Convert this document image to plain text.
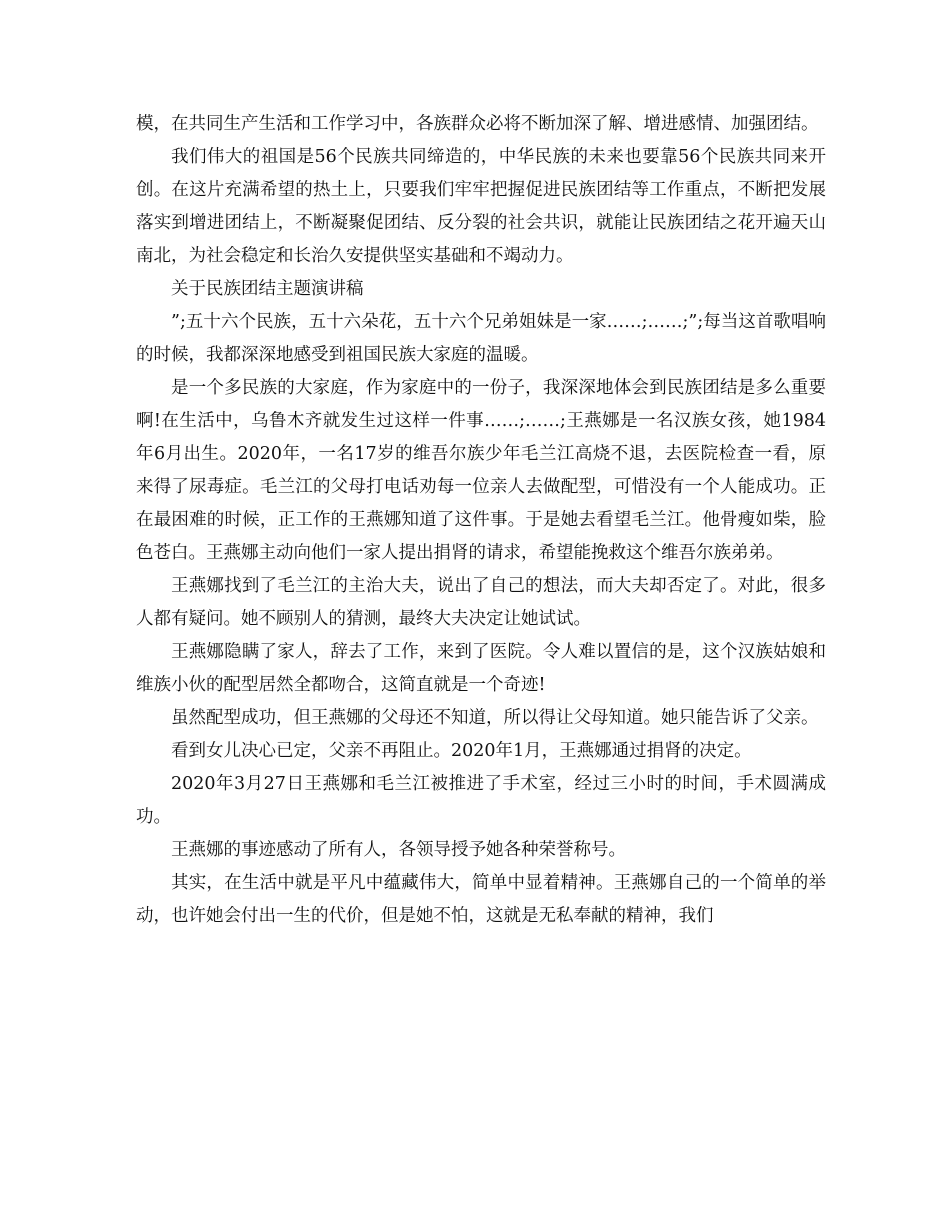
模，在共同生产生活和工作学习中，各族群众必将不断加深了解、增进感情、加强团结。

我们伟大的祖国是56个民族共同缔造的，中华民族的未来也要靠56个民族共同来开创。在这片充满希望的热土上，只要我们牢牢把握促进民族团结等工作重点，不断把发展落实到增进团结上，不断凝聚促团结、反分裂的社会共识，就能让民族团结之花开遍天山南北，为社会稳定和长治久安提供坚实基础和不竭动力。

关于民族团结主题演讲稿

”;五十六个民族，五十六朵花，五十六个兄弟姐妹是一家……;……;”;每当这首歌唱响的时候，我都深深地感受到祖国民族大家庭的温暖。

是一个多民族的大家庭，作为家庭中的一份子，我深深地体会到民族团结是多么重要啊!在生活中，乌鲁木齐就发生过这样一件事……;……;王燕娜是一名汉族女孩，她1984年6月出生。2020年，一名17岁的维吾尔族少年毛兰江高烧不退，去医院检查一看，原来得了尿毒症。毛兰江的父母打电话劝每一位亲人去做配型，可惜没有一个人能成功。正在最困难的时候，正工作的王燕娜知道了这件事。于是她去看望毛兰江。他骨瘦如柴，脸色苍白。王燕娜主动向他们一家人提出捐肾的请求，希望能挽救这个维吾尔族弟弟。

王燕娜找到了毛兰江的主治大夫，说出了自己的想法，而大夫却否定了。对此，很多人都有疑问。她不顾别人的猜测，最终大夫决定让她试试。

王燕娜隐瞒了家人，辞去了工作，来到了医院。令人难以置信的是，这个汉族姑娘和维族小伙的配型居然全都吻合，这简直就是一个奇迹!

虽然配型成功，但王燕娜的父母还不知道，所以得让父母知道。她只能告诉了父亲。

看到女儿决心已定，父亲不再阻止。2020年1月，王燕娜通过捐肾的决定。

2020年3月27日王燕娜和毛兰江被推进了手术室，经过三小时的时间，手术圆满成功。

王燕娜的事迹感动了所有人，各领导授予她各种荣誉称号。

其实，在生活中就是平凡中蕴藏伟大，简单中显着精神。王燕娜自己的一个简单的举动，也许她会付出一生的代价，但是她不怕，这就是无私奉献的精神，我们
